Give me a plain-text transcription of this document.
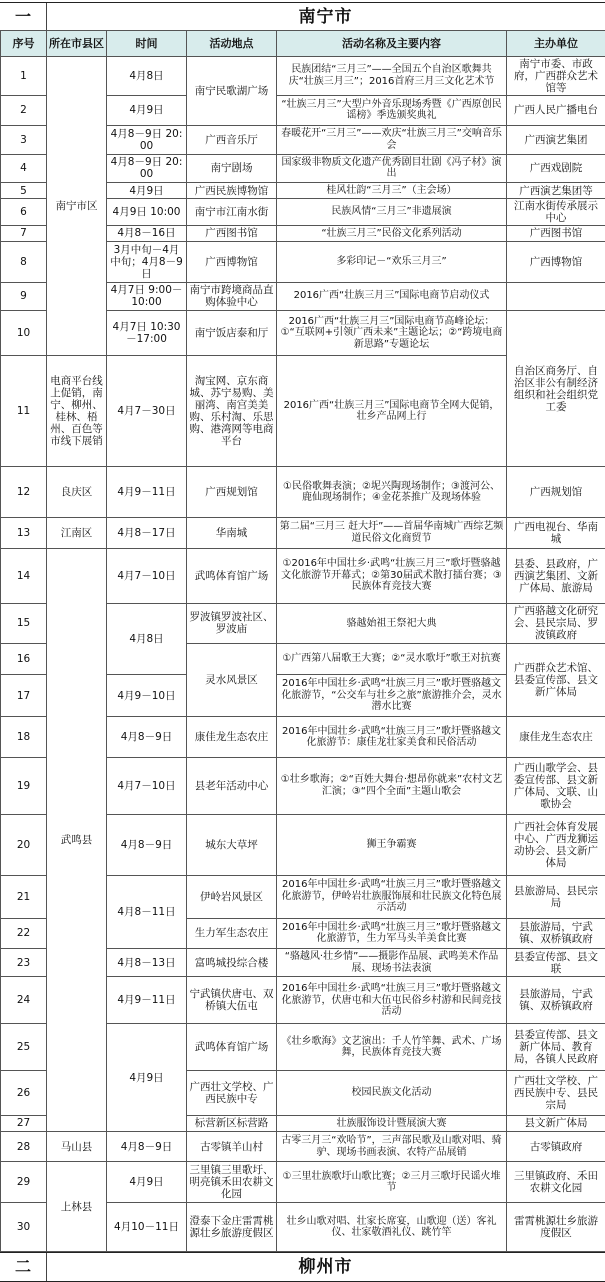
一	南宁市
序号	所在市县区	时间	活动地点	活动名称及主要内容	主办单位
1	南宁市区	4月8日	南宁民歌湖广场	民族团结“三月三”——全国五个自治区歌舞共庆“壮族三月三”；2016首府三月三文化艺术节	南宁市委、市政府，广西群众艺术馆等
2		4月9日		“壮族三月三”大型户外音乐现场秀暨《广西原创民谣榜》季选颁奖典礼	广西人民广播电台
3		4月8－9日 20:00	广西音乐厅	春暖花开“三月三”——欢庆“壮族三月三”交响音乐会	广西演艺集团
4		4月8－9日 20:00	南宁剧场	国家级非物质文化遗产优秀剧目壮剧《冯子材》演出	广西戏剧院
5		4月9日	广西民族博物馆	桂风壮韵“三月三”（主会场）	广西演艺集团等
6		4月9日 10:00	南宁市江南水街	民族风情“三月三”非遗展演	江南水街传承展示中心
7		4月8－16日	广西图书馆	“壮族三月三”民俗文化系列活动	广西图书馆
8		3月中旬－4月中旬；4月8－9日	广西博物馆	多彩印记－“欢乐三月三”	广西博物馆
9		4月7日 9:00－10:00	南宁市跨境商品直购体验中心	2016广西“壮族三月三”国际电商节启动仪式	
10		4月7日 10:30－17:00	南宁饭店泰和厅	2016广西“壮族三月三”国际电商节高峰论坛：①“互联网+引领广西未来”主题论坛；②“跨境电商新思路”专题论坛	自治区商务厅、自治区非公有制经济组织和社会组织党工委
11	电商平台线上促销，南宁、柳州、桂林、梧州、百色等市线下展销	4月7－30日	淘宝网、京东商城、苏宁易购、美丽湾、南宫美美购、乐村淘、乐思购、港湾网等电商平台	2016广西“壮族三月三”国际电商节全网大促销，壮乡产品网上行	
12	良庆区	4月9－11日	广西规划馆	①民俗歌舞表演；②坭兴陶现场制作；③渡河公、鹿仙现场制作；④金花茶推广及现场体验	广西规划馆
13	江南区	4月8－17日	华南城	第二届“三月三 赶大圩”——首届华南城广西综艺频道民俗文化商贸节	广西电视台、华南城
14	武鸣县	4月7－10日	武鸣体育馆广场	①2016年中国壮乡·武鸣“壮族三月三”歌圩暨骆越文化旅游节开幕式；②第30届武术散打擂台赛；③民族体育竞技大赛	县委、县政府，广西演艺集团、文新广体局、旅游局
15		4月8日	罗波镇罗波社区、罗波庙	骆越始祖王祭祀大典	广西骆越文化研究会、县民宗局、罗波镇政府
16			灵水风景区	①广西第八届歌王大赛；②“灵水歌圩”歌王对抗赛	广西群众艺术馆、县委宣传部、县文新广体局
17		4月9－10日		2016年中国壮乡·武鸣“壮族三月三”歌圩暨骆越文化旅游节，“公交车与壮乡之旅”旅游推介会，灵水潜水比赛	
18		4月8－9日	康佳龙生态农庄	2016年中国壮乡·武鸣“壮族三月三”歌圩暨骆越文化旅游节：康佳龙壮家美食和民俗活动	康佳龙生态农庄
19		4月7－10日	县老年活动中心	①壮乡歌海；②“百姓大舞台·想昂你就来”农村文艺汇演；③“四个全面”主题山歌会	广西山歌学会、县委宣传部、县文新广体局、文联、山歌协会
20		4月8－9日	城东大草坪	狮王争霸赛	广西社会体育发展中心、广西龙狮运动协会、县文新广体局
21		4月8－11日	伊岭岩风景区	2016年中国壮乡·武鸣“壮族三月三”歌圩暨骆越文化旅游节，伊岭岩壮族服饰展和壮民族文化特色展示活动	县旅游局、县民宗局
22			生力军生态农庄	2016年中国壮乡·武鸣“壮族三月三”歌圩暨骆越文化旅游节，生力军马头羊美食比赛	县旅游局，宁武镇、双桥镇政府
23		4月8－13日	富鸣城投综合楼	“骆越风·壮乡情”——摄影作品展、武鸣美术作品展、现场书法表演	县委宣传部、县文联
24		4月9－11日	宁武镇伏唐屯、双桥镇大伍屯	2016年中国壮乡·武鸣“壮族三月三”歌圩暨骆越文化旅游节，伏唐屯和大伍屯民俗乡村游和民间竞技活动	县旅游局，宁武镇、双桥镇政府
25		4月9日	武鸣体育馆广场	《壮乡歌海》文艺演出：千人竹竿舞、武术、广场舞，民族体育竞技大赛	县委宣传部、县文新广体局、教育局，各镇人民政府
26			广西壮文学校、广西民族中专	校园民族文化活动	广西壮文学校、广西民族中专、县民宗局
27			标营新区标营路	壮族服饰设计暨展演大赛	县文新广体局
28	马山县	4月8－9日	古零镇羊山村	古零三月三“欢哈节”，三声部民歌及山歌对唱、骑驴、现场书画表演、农特产品展销	古零镇政府
29	上林县	4月9日	三里镇三里歌圩、明亮镇禾田农耕文化园	①三里壮族歌圩山歌比赛；②三月三歌圩民谣火堆节	三里镇政府、禾田农耕文化园
30		4月10－11日	澄泰下金庄雷霄桃源壮乡旅游度假区	壮乡山歌对唱、壮家长席宴，山歌迎（送）客礼仪、壮家敬酒礼仪、跳竹竿	雷霄桃源壮乡旅游度假区
二	柳州市
